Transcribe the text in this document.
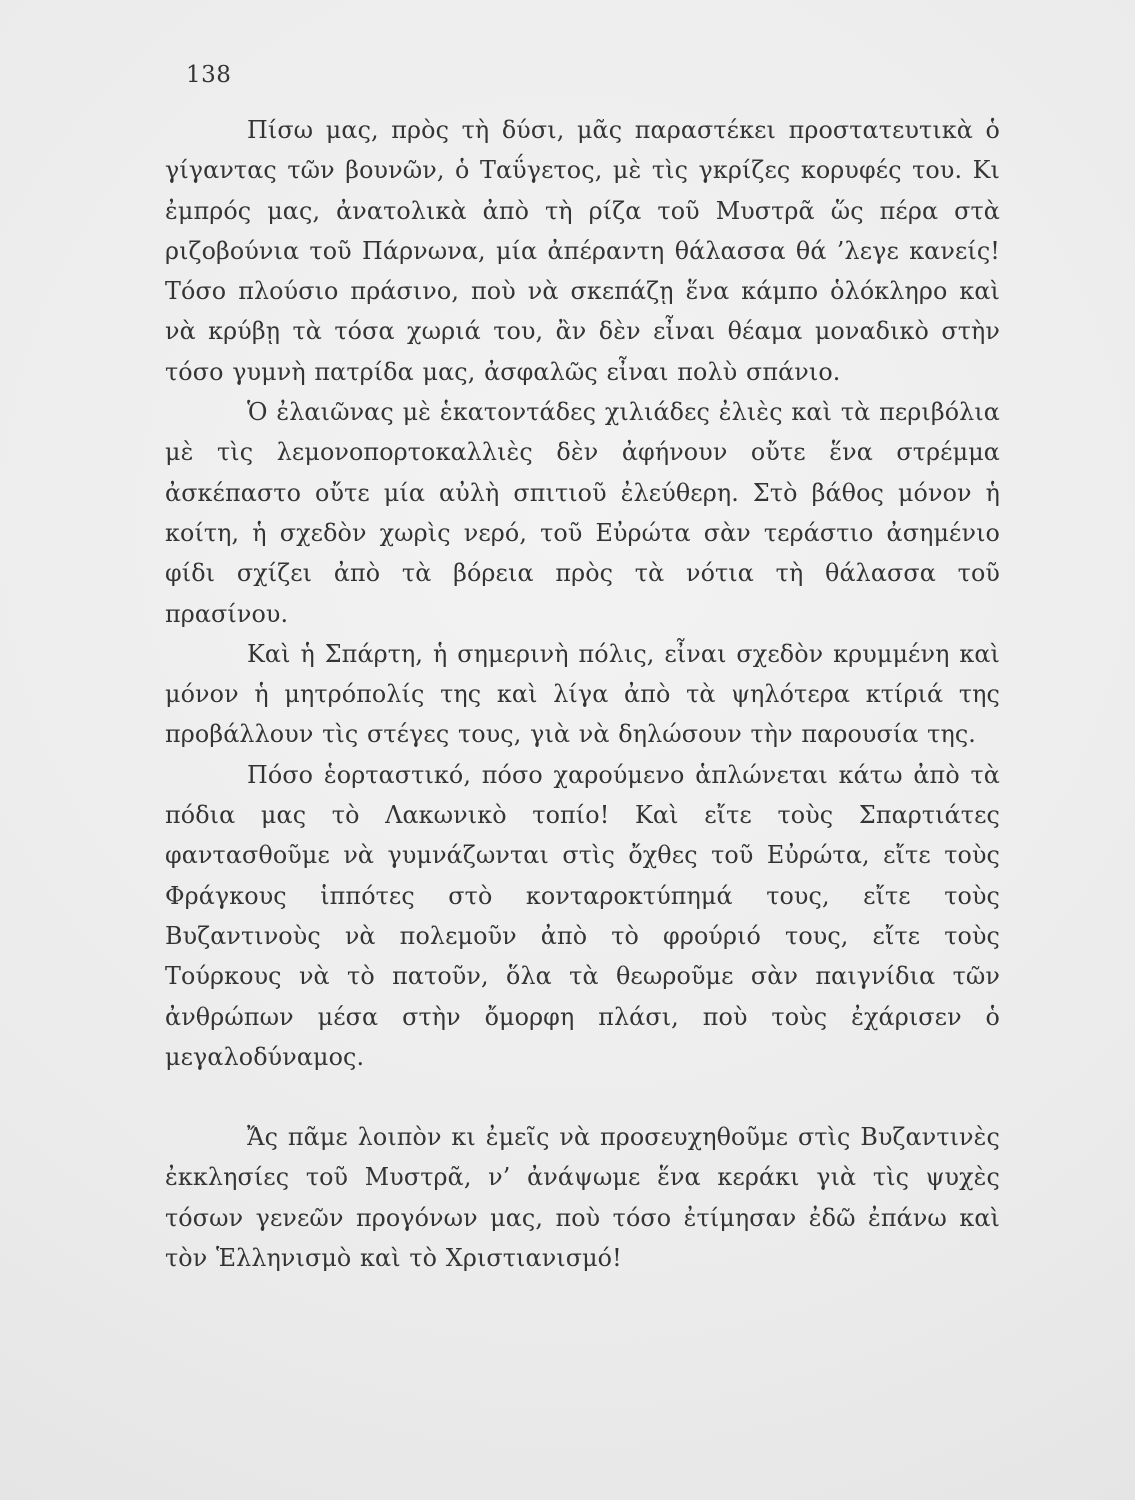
138

Πίσω μας, πρὸς τὴ δύσι, μᾶς παραστέκει προστατευτικὰ ὁ γίγαντας τῶν βουνῶν, ὁ Ταΰγετος, μὲ τὶς γκρίζες κορυφές του. Κι ἐμπρός μας, ἀνατολικὰ ἀπὸ τὴ ρίζα τοῦ Μυστρᾶ ὥς πέρα στὰ ριζοβούνια τοῦ Πάρνωνα, μία ἀπέραντη θάλασσα θά ’λεγε κανείς! Τόσο πλούσιο πράσινο, ποὺ νὰ σκεπάζῃ ἕνα κάμπο ὁλόκληρο καὶ νὰ κρύβῃ τὰ τόσα χωριά του, ἂν δὲν εἶναι θέαμα μοναδικὸ στὴν τόσο γυμνὴ πατρίδα μας, ἀσφαλῶς εἶναι πολὺ σπάνιο.

Ὁ ἐλαιῶνας μὲ ἑκατοντάδες χιλιάδες ἐλιὲς καὶ τὰ περιβόλια μὲ τὶς λεμονοπορτοκαλλιὲς δὲν ἀφήνουν οὔτε ἕνα στρέμμα ἀσκέπαστο οὔτε μία αὐλὴ σπιτιοῦ ἐλεύθερη. Στὸ βάθος μόνον ἡ κοίτη, ἡ σχεδὸν χωρὶς νερό, τοῦ Εὐρώτα σὰν τεράστιο ἀσημένιο φίδι σχίζει ἀπὸ τὰ βόρεια πρὸς τὰ νότια τὴ θάλασσα τοῦ πρασίνου.

Καὶ ἡ Σπάρτη, ἡ σημερινὴ πόλις, εἶναι σχεδὸν κρυμμένη καὶ μόνον ἡ μητρόπολίς της καὶ λίγα ἀπὸ τὰ ψηλότερα κτίριά της προβάλλουν τὶς στέγες τους, γιὰ νὰ δηλώσουν τὴν παρουσία της.

Πόσο ἑορταστικό, πόσο χαρούμενο ἁπλώνεται κάτω ἀπὸ τὰ πόδια μας τὸ Λακωνικὸ τοπίο! Καὶ εἴτε τοὺς Σπαρτιάτες φαντασθοῦμε νὰ γυμνάζωνται στὶς ὄχθες τοῦ Εὐρώτα, εἴτε τοὺς Φράγκους ἱππότες στὸ κονταροκτύπημά τους, εἴτε τοὺς Βυζαντινοὺς νὰ πολεμοῦν ἀπὸ τὸ φρούριό τους, εἴτε τοὺς Τούρκους νὰ τὸ πατοῦν, ὅλα τὰ θεωροῦμε σὰν παιγνίδια τῶν ἀνθρώπων μέσα στὴν ὄμορφη πλάσι, ποὺ τοὺς ἐχάρισεν ὁ μεγαλοδύναμος.

Ἄς πᾶμε λοιπὸν κι ἐμεῖς νὰ προσευχηθοῦμε στὶς Βυζαντινὲς ἐκκλησίες τοῦ Μυστρᾶ, ν’ ἀνάψωμε ἕνα κεράκι γιὰ τὶς ψυχὲς τόσων γενεῶν προγόνων μας, ποὺ τόσο ἐτίμησαν ἐδῶ ἐπάνω καὶ τὸν Ἑλληνισμὸ καὶ τὸ Χριστιανισμό!
